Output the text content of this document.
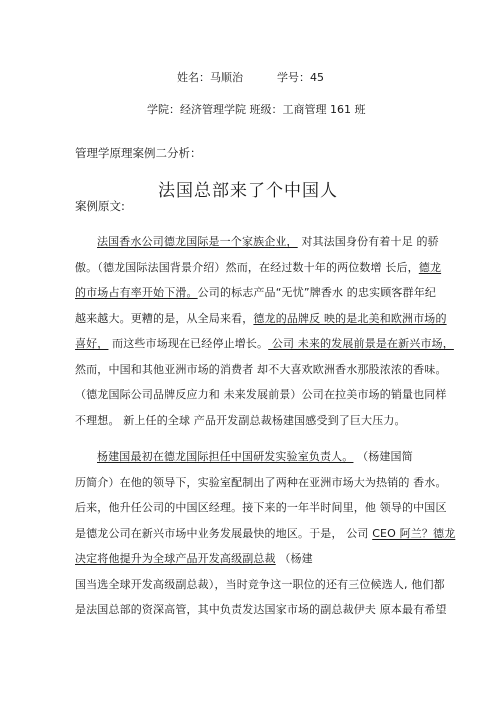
姓名：马顺治	学号：45
学院：经济管理学院 班级：工商管理 161 班
管理学原理案例二分析：
法国总部来了个中国人
案例原文:
法国香水公司德龙国际是一个家族企业， 对其法国身份有着十足 的骄
傲。（德龙国际法国背景介绍）然而，在经过数十年的两位数增 长后，德龙
的市场占有率开始下滑。公司的标志产品“无忧”牌香水 的忠实顾客群年纪
越来越大。更糟的是，从全局来看，德龙的品牌反 映的是北美和欧洲市场的
喜好， 而这些市场现在已经停止增长。 公司 未来的发展前景是在新兴市场，
然而，中国和其他亚洲市场的消费者 却不大喜欢欧洲香水那股浓浓的香味。
（德龙国际公司品牌反应力和 未来发展前景）公司在拉美市场的销量也同样
不理想。 新上任的全球 产品开发副总裁杨建国感受到了巨大压力。
杨建国最初在德龙国际担任中国研发实验室负责人。 （杨建国简
历简介）在他的领导下，实验室配制出了两种在亚洲市场大为热销的 香水。
后来，他升任公司的中国区经理。接下来的一年半时间里，他 领导的中国区
是德龙公司在新兴市场中业务发展最快的地区。于是， 公司 CEO 阿兰？德龙
决定将他提升为全球产品开发高级副总裁 （杨建
国当选全球开发高级副总裁），当时竞争这一职位的还有三位候选人, 他们都
是法国总部的资深高管，其中负责发达国家市场的副总裁伊夫 原本最有希望
